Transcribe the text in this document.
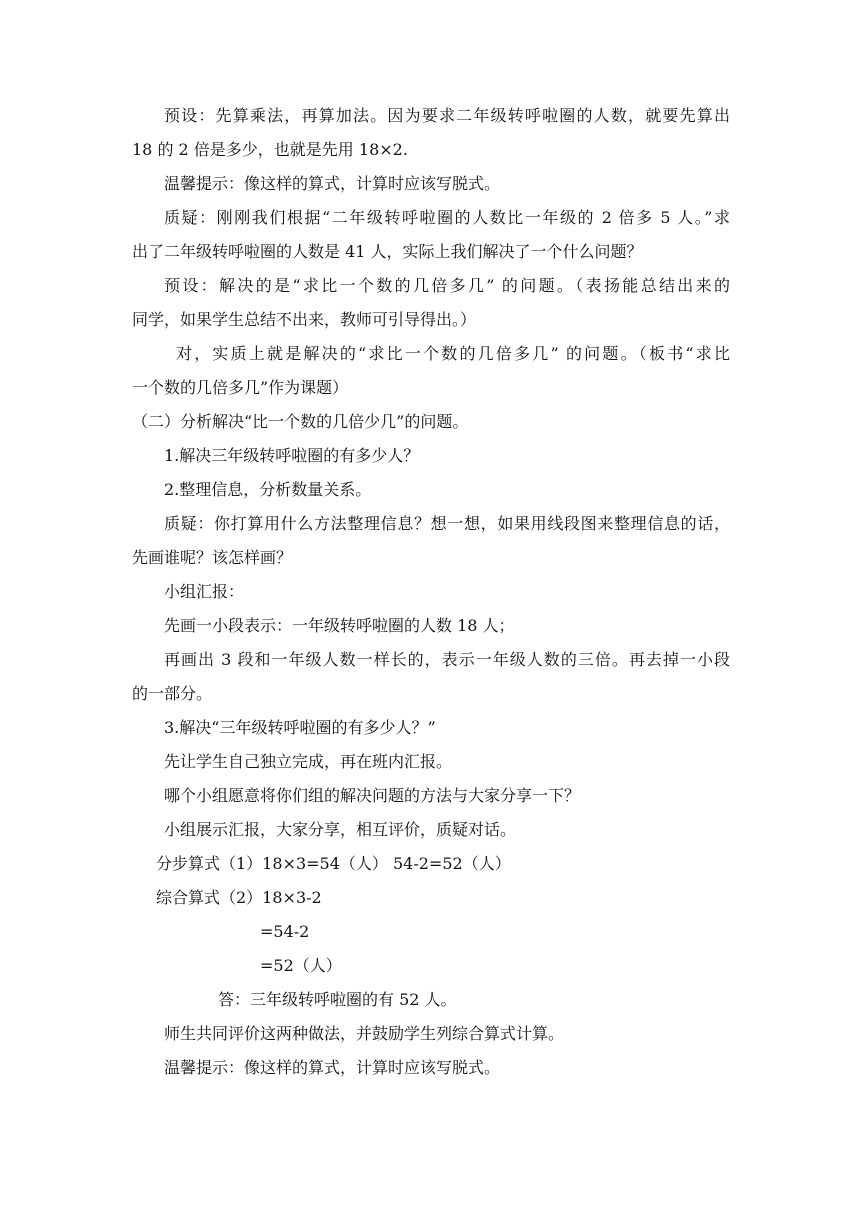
预设：先算乘法，再算加法。因为要求二年级转呼啦圈的人数，就要先算出
18 的 2 倍是多少，也就是先用 18×2.
温馨提示：像这样的算式，计算时应该写脱式。
质疑：刚刚我们根据“二年级转呼啦圈的人数比一年级的 2 倍多 5 人。”求
出了二年级转呼啦圈的人数是 41 人，实际上我们解决了一个什么问题？
预设：解决的是“求比一个数的几倍多几” 的问题。（表扬能总结出来的
同学，如果学生总结不出来，教师可引导得出。）
对，实质上就是解决的“求比一个数的几倍多几” 的问题。（板书“求比
一个数的几倍多几”作为课题）
（二）分析解决“比一个数的几倍少几”的问题。
1.解决三年级转呼啦圈的有多少人？
2.整理信息，分析数量关系。
质疑：你打算用什么方法整理信息？想一想，如果用线段图来整理信息的话，
先画谁呢？该怎样画？
小组汇报：
先画一小段表示：一年级转呼啦圈的人数 18 人；
再画出 3 段和一年级人数一样长的，表示一年级人数的三倍。再去掉一小段
的一部分。
3.解决“三年级转呼啦圈的有多少人？”
先让学生自己独立完成，再在班内汇报。
哪个小组愿意将你们组的解决问题的方法与大家分享一下？
小组展示汇报，大家分享，相互评价，质疑对话。
分步算式（1）18×3=54（人） 54-2=52（人）
综合算式（2）18×3-2
=54-2
=52（人）
答：三年级转呼啦圈的有 52 人。
师生共同评价这两种做法，并鼓励学生列综合算式计算。
温馨提示：像这样的算式，计算时应该写脱式。
